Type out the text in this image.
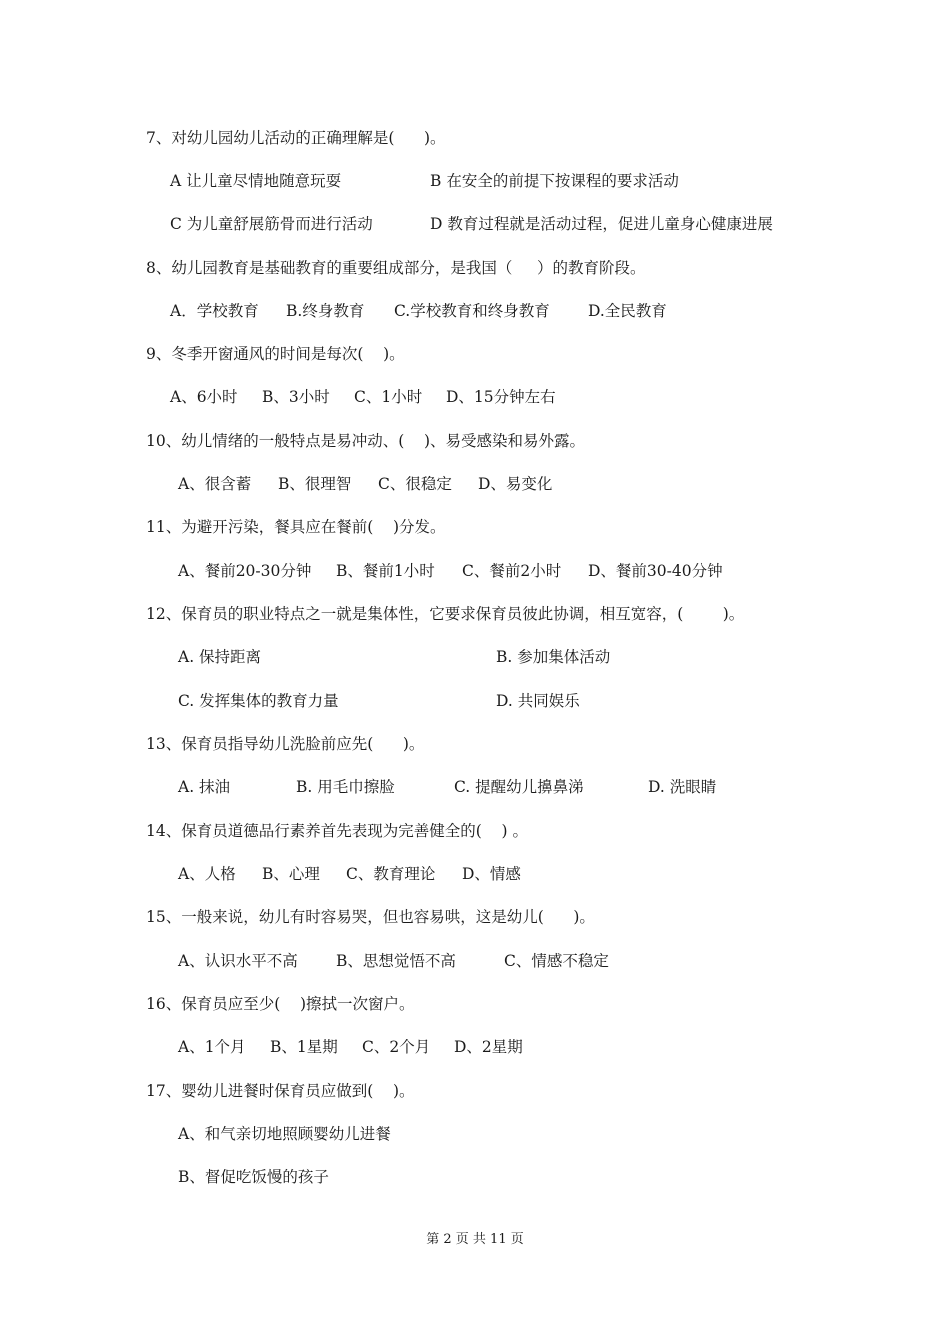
7、对幼儿园幼儿活动的正确理解是(      )。
A 让儿童尽情地随意玩耍	B 在安全的前提下按课程的要求活动
C 为儿童舒展筋骨而进行活动	D 教育过程就是活动过程，促进儿童身心健康进展
8、幼儿园教育是基础教育的重要组成部分，是我国（     ）的教育阶段。
A．学校教育 B.终身教育 C.学校教育和终身教育 D.全民教育
9、冬季开窗通风的时间是每次(    )。
A、6小时 B、3小时 C、1小时 D、15分钟左右
10、幼儿情绪的一般特点是易冲动、(    )、易受感染和易外露。
A、很含蓄 B、很理智 C、很稳定 D、易变化
11、为避开污染，餐具应在餐前(    )分发。
A、餐前20-30分钟 B、餐前1小时 C、餐前2小时 D、餐前30-40分钟
12、保育员的职业特点之一就是集体性，它要求保育员彼此协调，相互宽容，(        )。
A. 保持距离	B. 参加集体活动
C. 发挥集体的教育力量	D. 共同娱乐
13、保育员指导幼儿洗脸前应先(      )。
A. 抹油	B. 用毛巾擦脸	C. 提醒幼儿擤鼻涕	D. 洗眼睛
14、保育员道德品行素养首先表现为完善健全的(    ) 。
A、人格 B、心理 C、教育理论 D、情感
15、一般来说，幼儿有时容易哭，但也容易哄，这是幼儿(      )。
A、认识水平不高 B、思想觉悟不高	C、情感不稳定
16、保育员应至少(    )擦拭一次窗户。
A、1个月 B、1星期 C、2个月 D、2星期
17、婴幼儿进餐时保育员应做到(    )。
A、和气亲切地照顾婴幼儿进餐
B、督促吃饭慢的孩子
第 2 页 共 11 页
